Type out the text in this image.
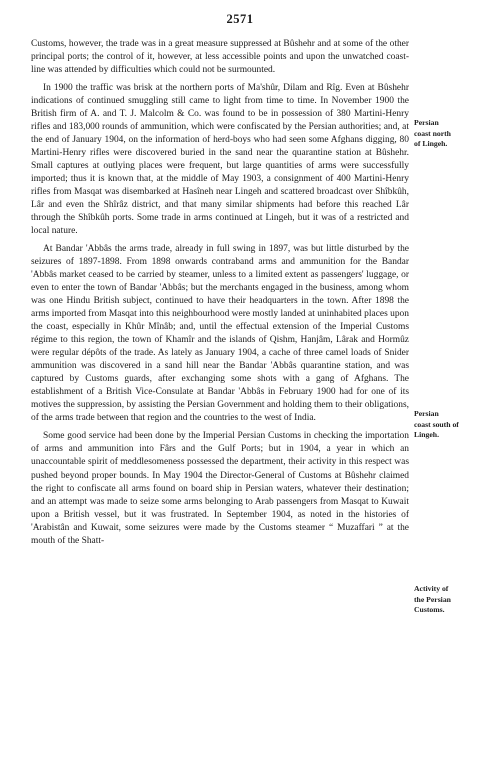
2571

Customs, however, the trade was in a great measure suppressed at Bûshehr and at some of the other principal ports; the control of it, however, at less accessible points and upon the unwatched coast-line was attended by difficulties which could not be surmounted.

In 1900 the traffic was brisk at the northern ports of Ma'shûr, Dilam and Rîg. Even at Bûshehr indications of continued smuggling still came to light from time to time. In November 1900 the British firm of A. and T. J. Malcolm & Co. was found to be in possession of 380 Martini-Henry rifles and 183,000 rounds of ammunition, which were confiscated by the Persian authorities; and, at the end of January 1904, on the information of herd-boys who had seen some Afghans digging, 80 Martini-Henry rifles were discovered buried in the sand near the quarantine station at Bûshehr. Small captures at outlying places were frequent, but large quantities of arms were successfully imported; thus it is known that, at the middle of May 1903, a consignment of 400 Martini-Henry rifles from Masqat was disembarked at Hasîneh near Lingeh and scattered broadcast over Shîbkûh, Lâr and even the Shîrâz district, and that many similar shipments had before this reached Lâr through the Shîbkûh ports. Some trade in arms continued at Lingeh, but it was of a restricted and local nature.

At Bandar 'Abbâs the arms trade, already in full swing in 1897, was but little disturbed by the seizures of 1897-1898. From 1898 onwards contraband arms and ammunition for the Bandar 'Abbâs market ceased to be carried by steamer, unless to a limited extent as passengers' luggage, or even to enter the town of Bandar 'Abbâs; but the merchants engaged in the business, among whom was one Hindu British subject, continued to have their headquarters in the town. After 1898 the arms imported from Masqat into this neighbourhood were mostly landed at uninhabited places upon the coast, especially in Khûr Mînâb; and, until the effectual extension of the Imperial Customs régime to this region, the town of Khamîr and the islands of Qishm, Hanjâm, Lârak and Hormûz were regular dépôts of the trade. As lately as January 1904, a cache of three camel loads of Snider ammunition was discovered in a sand hill near the Bandar 'Abbâs quarantine station, and was captured by Customs guards, after exchanging some shots with a gang of Afghans. The establishment of a British Vice-Consulate at Bandar 'Abbâs in February 1900 had for one of its motives the suppression, by assisting the Persian Government and holding them to their obligations, of the arms trade between that region and the countries to the west of India.

Some good service had been done by the Imperial Persian Customs in checking the importation of arms and ammunition into Fârs and the Gulf Ports; but in 1904, a year in which an unaccountable spirit of meddlesomeness possessed the department, their activity in this respect was pushed beyond proper bounds. In May 1904 the Director-General of Customs at Bûshehr claimed the right to confiscate all arms found on board ship in Persian waters, whatever their destination; and an attempt was made to seize some arms belonging to Arab passengers from Masqat to Kuwait upon a British vessel, but it was frustrated. In September 1904, as noted in the histories of 'Arabistân and Kuwait, some seizures were made by the Customs steamer “ Muzaffari ” at the mouth of the Shatt-

Persian
coast north
of Lingeh.
Persian
coast south of
Lingeh.
Activity of
the Persian
Customs.
